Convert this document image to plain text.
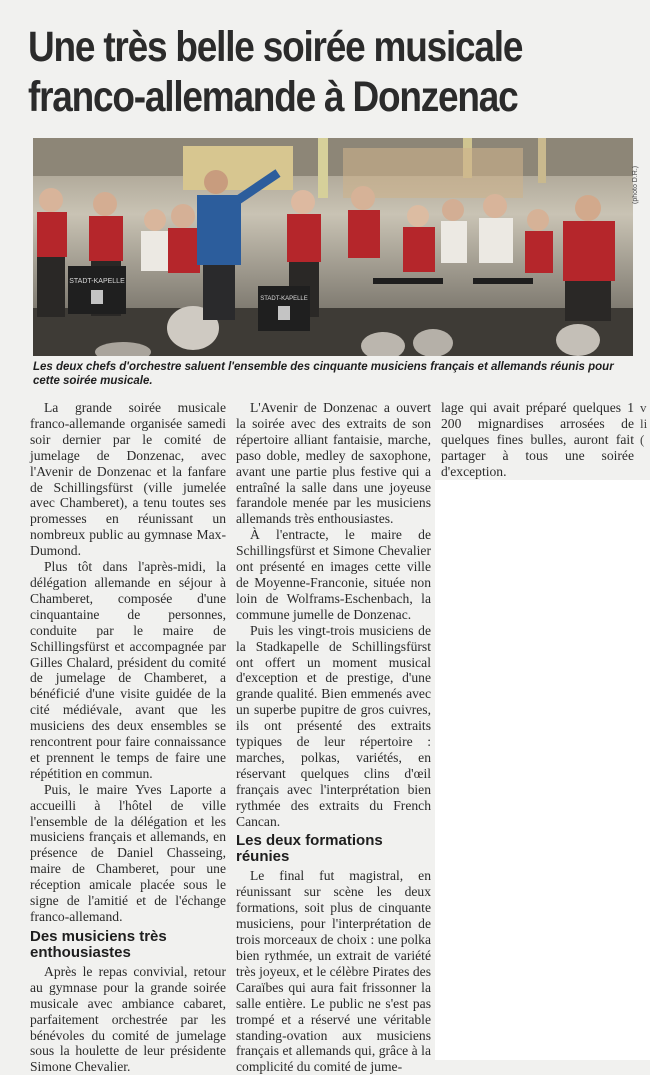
Une très belle soirée musicale
franco-allemande à Donzenac
STADT-KAPELLE
STADT-KAPELLE
(photo D.R.)

Les deux chefs d'orchestre saluent l'ensemble des cinquante musiciens français et allemands réunis pour cette soirée musicale.

La grande soirée musicale franco-allemande organisée samedi soir dernier par le comité de jumelage de Donzenac, avec l'Avenir de Donzenac et la fanfare de Schillingsfürst (ville jumelée avec Chamberet), a tenu toutes ses promesses en réunissant un nombreux public au gymnase Max-Dumond.

Plus tôt dans l'après-midi, la délégation allemande en séjour à Chamberet, composée d'une cinquantaine de personnes, conduite par le maire de Schillingsfürst et accompagnée par Gilles Chalard, président du comité de jumelage de Chamberet, a bénéficié d'une visite guidée de la cité médiévale, avant que les musiciens des deux ensembles se rencontrent pour faire connaissance et prennent le temps de faire une répétition en commun.

Puis, le maire Yves Laporte a accueilli à l'hôtel de ville l'ensemble de la délégation et les musiciens français et allemands, en présence de Daniel Chasseing, maire de Chamberet, pour une réception amicale placée sous le signe de l'amitié et de l'échange franco-allemand.

Des musiciens très enthousiastes

Après le repas convivial, retour au gymnase pour la grande soirée musicale avec ambiance cabaret, parfaitement orchestrée par les bénévoles du comité de jumelage sous la houlette de leur présidente Simone Chevalier.

L'Avenir de Donzenac a ouvert la soirée avec des extraits de son répertoire alliant fantaisie, marche, paso doble, medley de saxophone, avant une partie plus festive qui a entraîné la salle dans une joyeuse farandole menée par les musiciens allemands très enthousiastes.

À l'entracte, le maire de Schillingsfürst et Simone Chevalier ont présenté en images cette ville de Moyenne-Franconie, située non loin de Wolframs-Eschenbach, la commune jumelle de Donzenac.

Puis les vingt-trois musiciens de la Stadkapelle de Schillingsfürst ont offert un moment musical d'exception et de prestige, d'une grande qualité. Bien emmenés avec un superbe pupitre de gros cuivres, ils ont présenté des extraits typiques de leur répertoire : marches, polkas, variétés, en réservant quelques clins d'œil français avec l'interprétation bien rythmée des extraits du French Cancan.

Les deux formations réunies

Le final fut magistral, en réunissant sur scène les deux formations, soit plus de cinquante musiciens, pour l'interprétation de trois morceaux de choix : une polka bien rythmée, un extrait de variété très joyeux, et le célèbre Pirates des Caraïbes qui aura fait frissonner la salle entière. Le public ne s'est pas trompé et a réservé une véritable standing-ovation aux musiciens français et allemands qui, grâce à la complicité du comité de jume-

lage qui avait préparé quelques 1 200 mignardises arrosées de quelques fines bulles, auront fait partager à tous une soirée d'exception.

v
li
(
